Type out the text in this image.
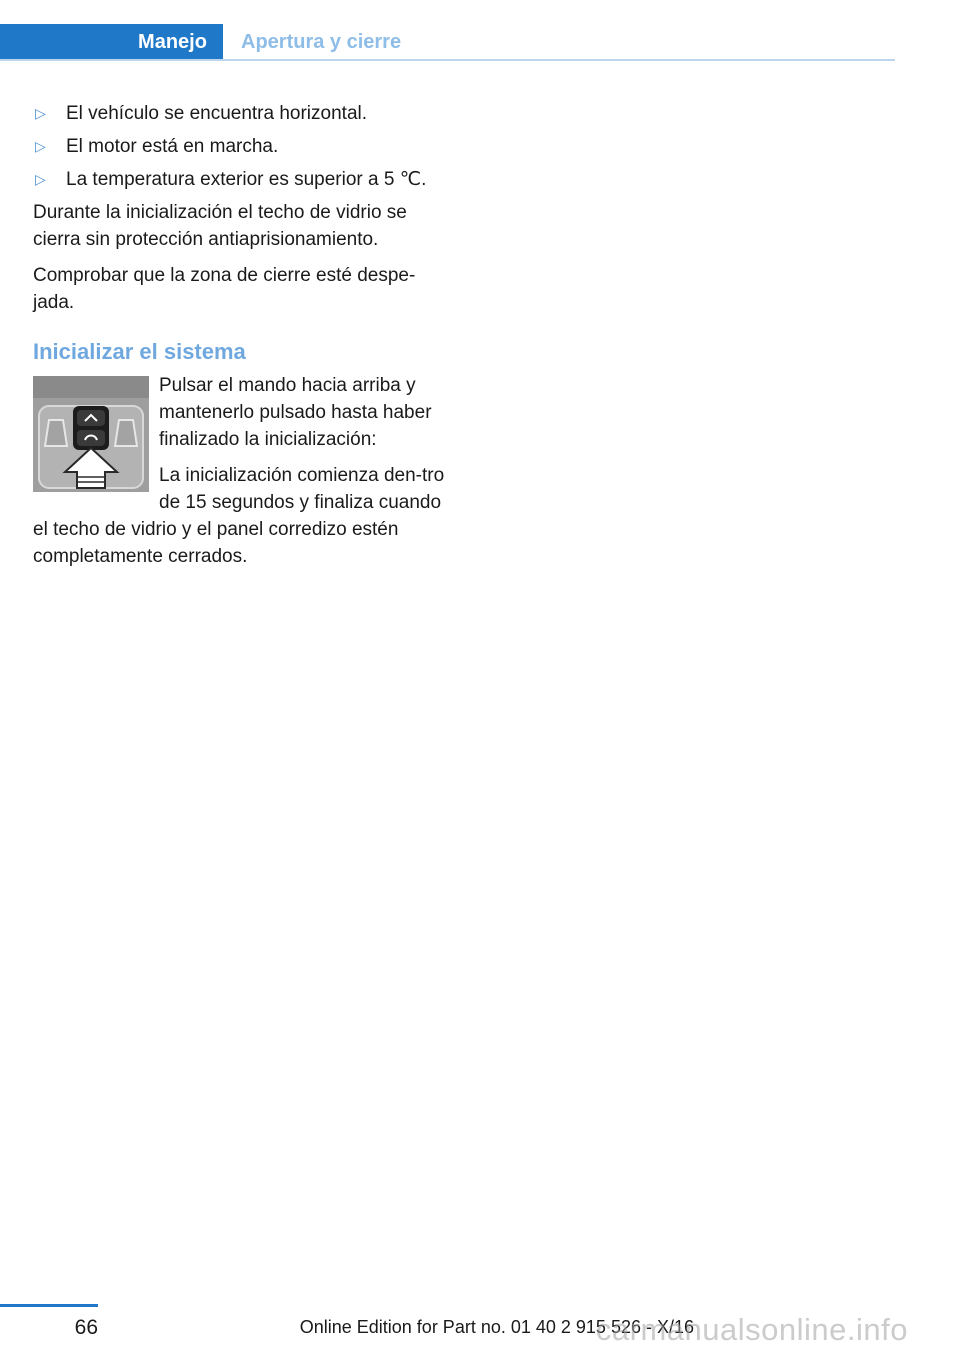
Manejo	Apertura y cierre
▷ El vehículo se encuentra horizontal.
▷ El motor está en marcha.
▷ La temperatura exterior es superior a 5 ℃.

Durante la inicialización el techo de vidrio se cierra sin protección antiaprisionamiento.

Comprobar que la zona de cierre esté despe‐jada.

Inicializar el sistema

Pulsar el mando hacia arriba y mantenerlo pulsado hasta haber finalizado la inicialización:

La inicialización comienza den‐tro de 15 segundos y finaliza cuando el techo de vidrio y el panel corredizo estén completamente cerrados.

66	Online Edition for Part no. 01 40 2 915 526 - X/16
carmanualsonline.info
